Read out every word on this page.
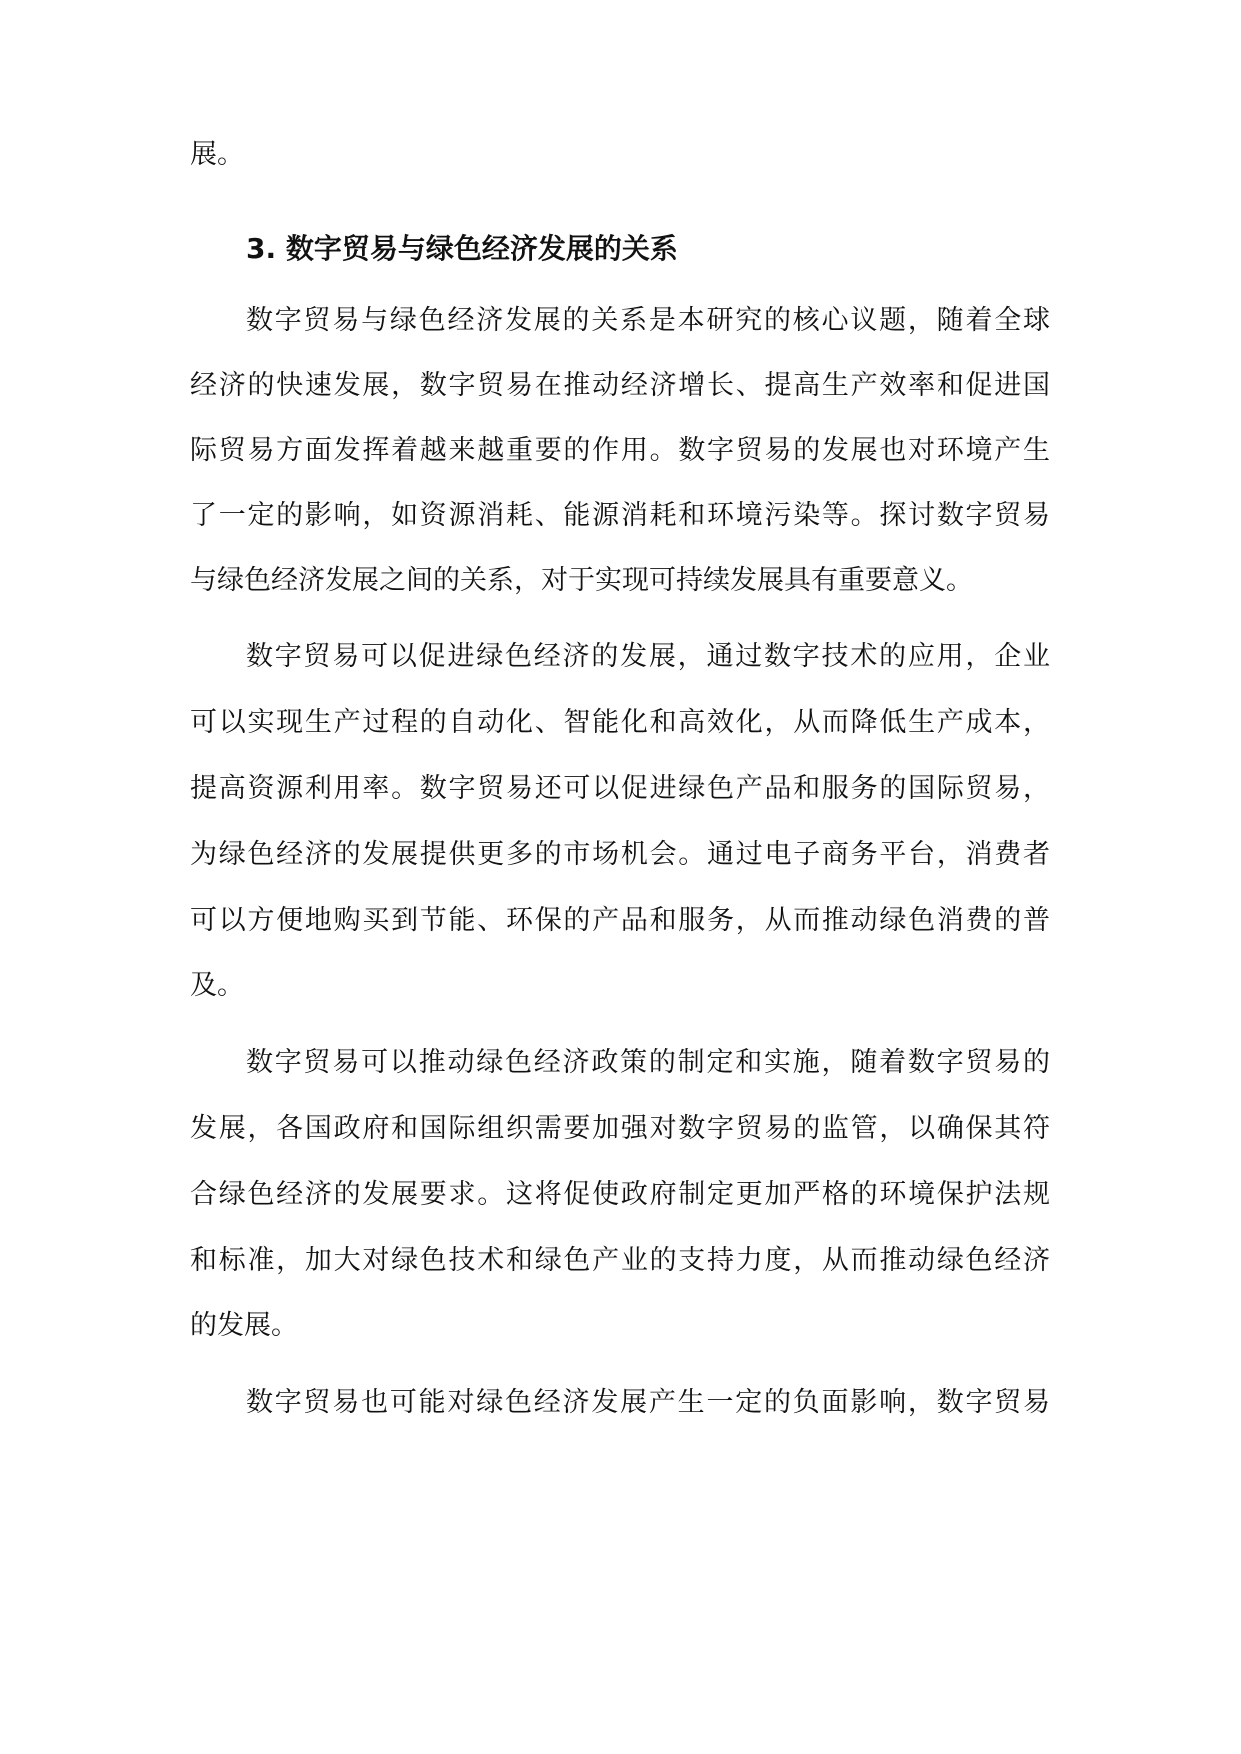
展。
3. 数字贸易与绿色经济发展的关系
数字贸易与绿色经济发展的关系是本研究的核心议题，随着全球
经济的快速发展，数字贸易在推动经济增长、提高生产效率和促进国
际贸易方面发挥着越来越重要的作用。数字贸易的发展也对环境产生
了一定的影响，如资源消耗、能源消耗和环境污染等。探讨数字贸易
与绿色经济发展之间的关系，对于实现可持续发展具有重要意义。
数字贸易可以促进绿色经济的发展，通过数字技术的应用，企业
可以实现生产过程的自动化、智能化和高效化，从而降低生产成本，
提高资源利用率。数字贸易还可以促进绿色产品和服务的国际贸易，
为绿色经济的发展提供更多的市场机会。通过电子商务平台，消费者
可以方便地购买到节能、环保的产品和服务，从而推动绿色消费的普
及。
数字贸易可以推动绿色经济政策的制定和实施，随着数字贸易的
发展，各国政府和国际组织需要加强对数字贸易的监管，以确保其符
合绿色经济的发展要求。这将促使政府制定更加严格的环境保护法规
和标准，加大对绿色技术和绿色产业的支持力度，从而推动绿色经济
的发展。
数字贸易也可能对绿色经济发展产生一定的负面影响，数字贸易
